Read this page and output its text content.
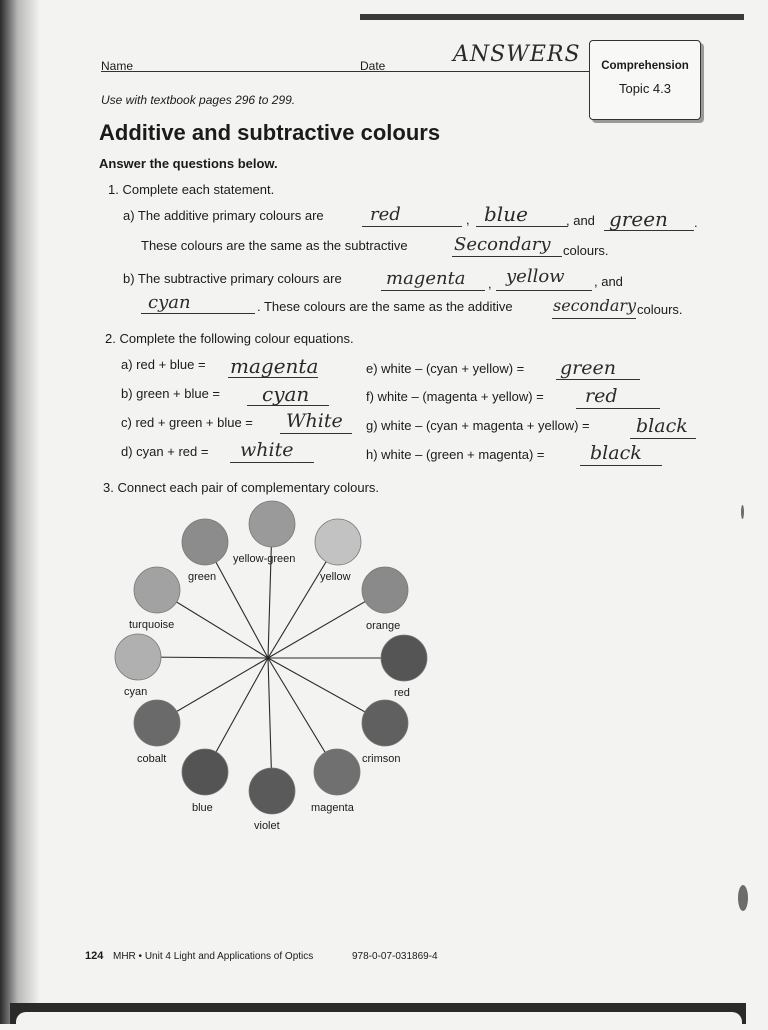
Name	Date	ANSWERS	Comprehension
Topic 4.3
Use with textbook pages 296 to 299.
Additive and subtractive colours
Answer the questions below.
1. Complete each statement.
a) The additive primary colours are	red	, blue	, and green .
These colours are the same as the subtractive	Secondary colours.
b) The subtractive primary colours are magenta , yellow , and
cyan	. These colours are the same as the additive	secondary colours.
2. Complete the following colour equations.
a) red + blue = magenta
b) green + blue = cyan
c) red + green + blue = White
d) cyan + red = white
e) white – (cyan + yellow) = green
f) white – (magenta + yellow) = red
g) white – (cyan + magenta + yellow) = black
h) white – (green + magenta) = black
3. Connect each pair of complementary colours.
yellow-green
yellow
orange
red
crimson
magenta
violet
blue
cobalt
cyan
turquoise
green
124 MHR • Unit 4 Light and Applications of Optics	978-0-07-031869-4
